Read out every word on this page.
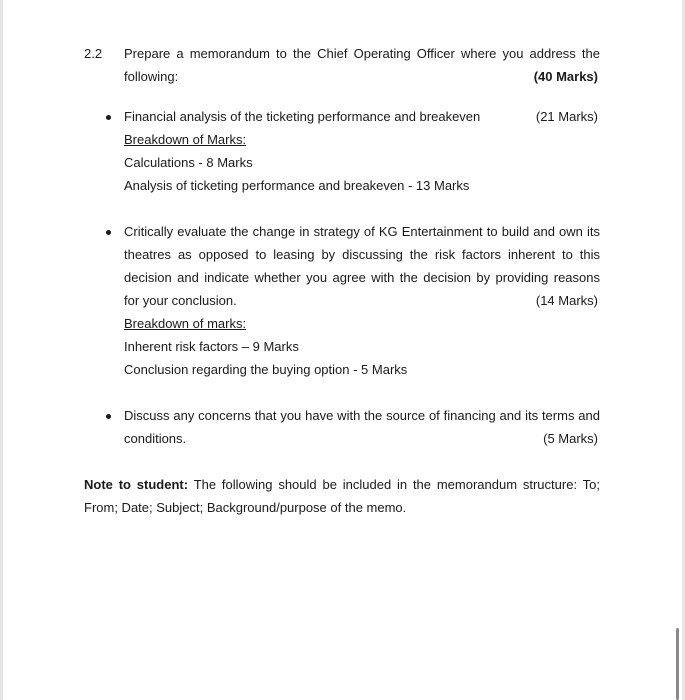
2.2 Prepare a memorandum to the Chief Operating Officer where you address the
following:	(40 Marks)
Financial analysis of the ticketing performance and breakeven	(21 Marks)
Breakdown of Marks:
Calculations - 8 Marks
Analysis of ticketing performance and breakeven - 13 Marks
Critically evaluate the change in strategy of KG Entertainment to build and own its
theatres as opposed to leasing by discussing the risk factors inherent to this
decision and indicate whether you agree with the decision by providing reasons
for your conclusion.	(14 Marks)
Breakdown of marks:
Inherent risk factors – 9 Marks
Conclusion regarding the buying option - 5 Marks
Discuss any concerns that you have with the source of financing and its terms and
conditions.	(5 Marks)
Note to student: The following should be included in the memorandum structure: To;
From; Date; Subject; Background/purpose of the memo.
